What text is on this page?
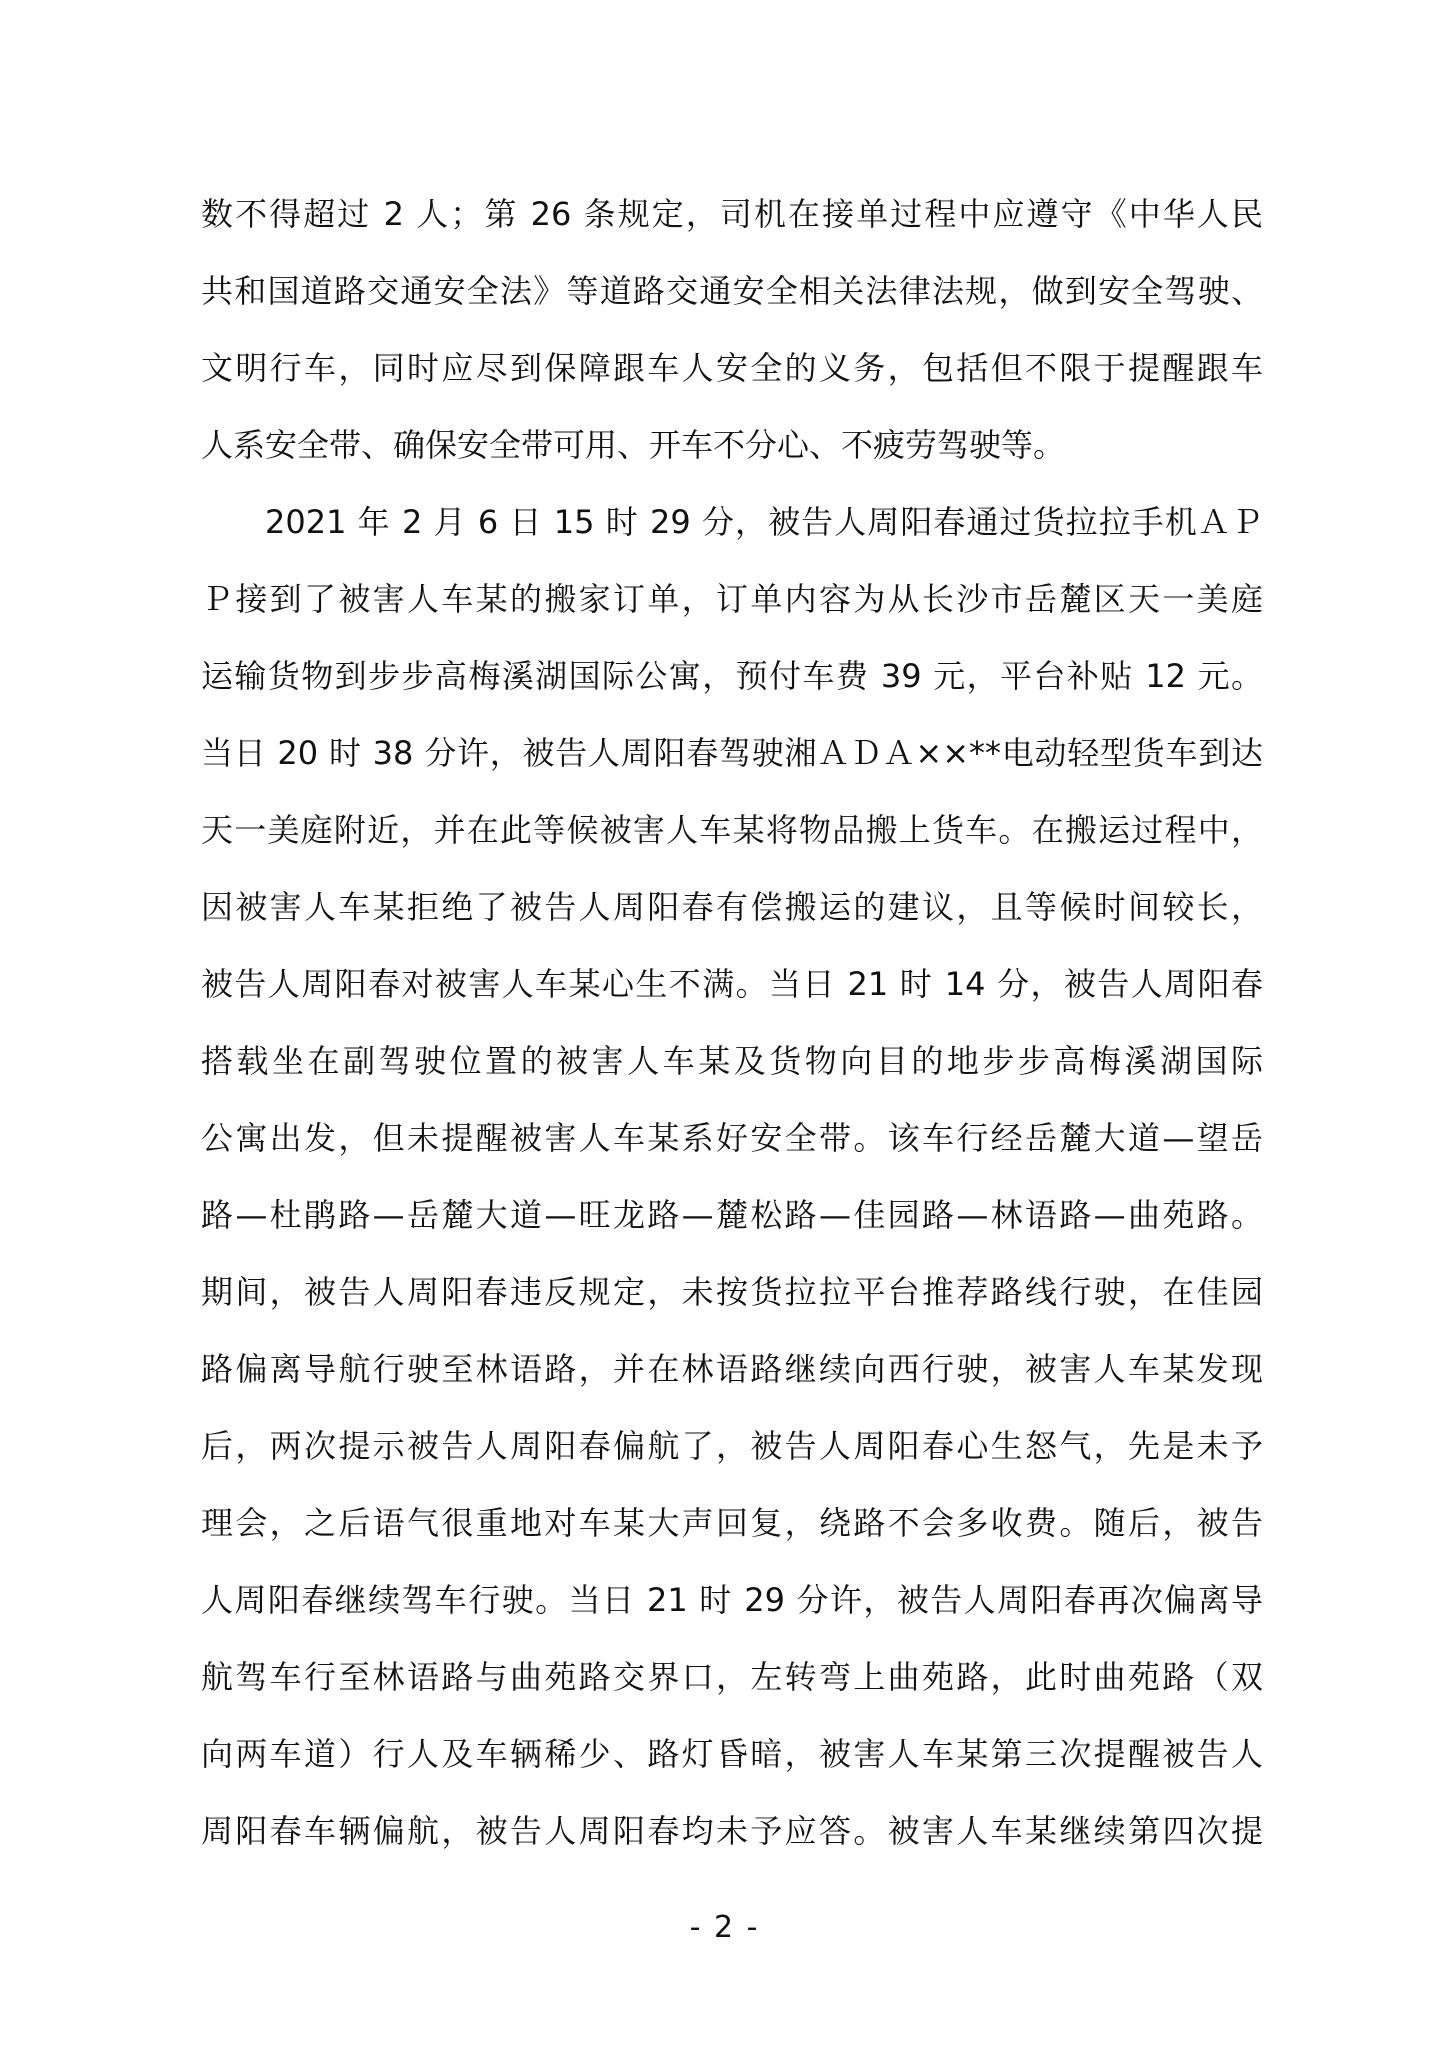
数不得超过 2 人；第 26 条规定，司机在接单过程中应遵守《中华人民
共和国道路交通安全法》等道路交通安全相关法律法规，做到安全驾驶、
文明行车，同时应尽到保障跟车人安全的义务，包括但不限于提醒跟车
人系安全带、确保安全带可用、开车不分心、不疲劳驾驶等。
2021 年 2 月 6 日 15 时 29 分，被告人周阳春通过货拉拉手机ＡＰ
Ｐ接到了被害人车某的搬家订单，订单内容为从长沙市岳麓区天一美庭
运输货物到步步高梅溪湖国际公寓，预付车费 39 元，平台补贴 12 元。
当日 20 时 38 分许，被告人周阳春驾驶湘ＡＤＡ××**电动轻型货车到达
天一美庭附近，并在此等候被害人车某将物品搬上货车。在搬运过程中，
因被害人车某拒绝了被告人周阳春有偿搬运的建议，且等候时间较长，
被告人周阳春对被害人车某心生不满。当日 21 时 14 分，被告人周阳春
搭载坐在副驾驶位置的被害人车某及货物向目的地步步高梅溪湖国际
公寓出发，但未提醒被害人车某系好安全带。该车行经岳麓大道—望岳
路—杜鹃路—岳麓大道—旺龙路—麓松路—佳园路—林语路—曲苑路。
期间，被告人周阳春违反规定，未按货拉拉平台推荐路线行驶，在佳园
路偏离导航行驶至林语路，并在林语路继续向西行驶，被害人车某发现
后，两次提示被告人周阳春偏航了，被告人周阳春心生怒气，先是未予
理会，之后语气很重地对车某大声回复，绕路不会多收费。随后，被告
人周阳春继续驾车行驶。当日 21 时 29 分许，被告人周阳春再次偏离导
航驾车行至林语路与曲苑路交界口，左转弯上曲苑路，此时曲苑路（双
向两车道）行人及车辆稀少、路灯昏暗，被害人车某第三次提醒被告人
周阳春车辆偏航，被告人周阳春均未予应答。被害人车某继续第四次提
- 2 -
